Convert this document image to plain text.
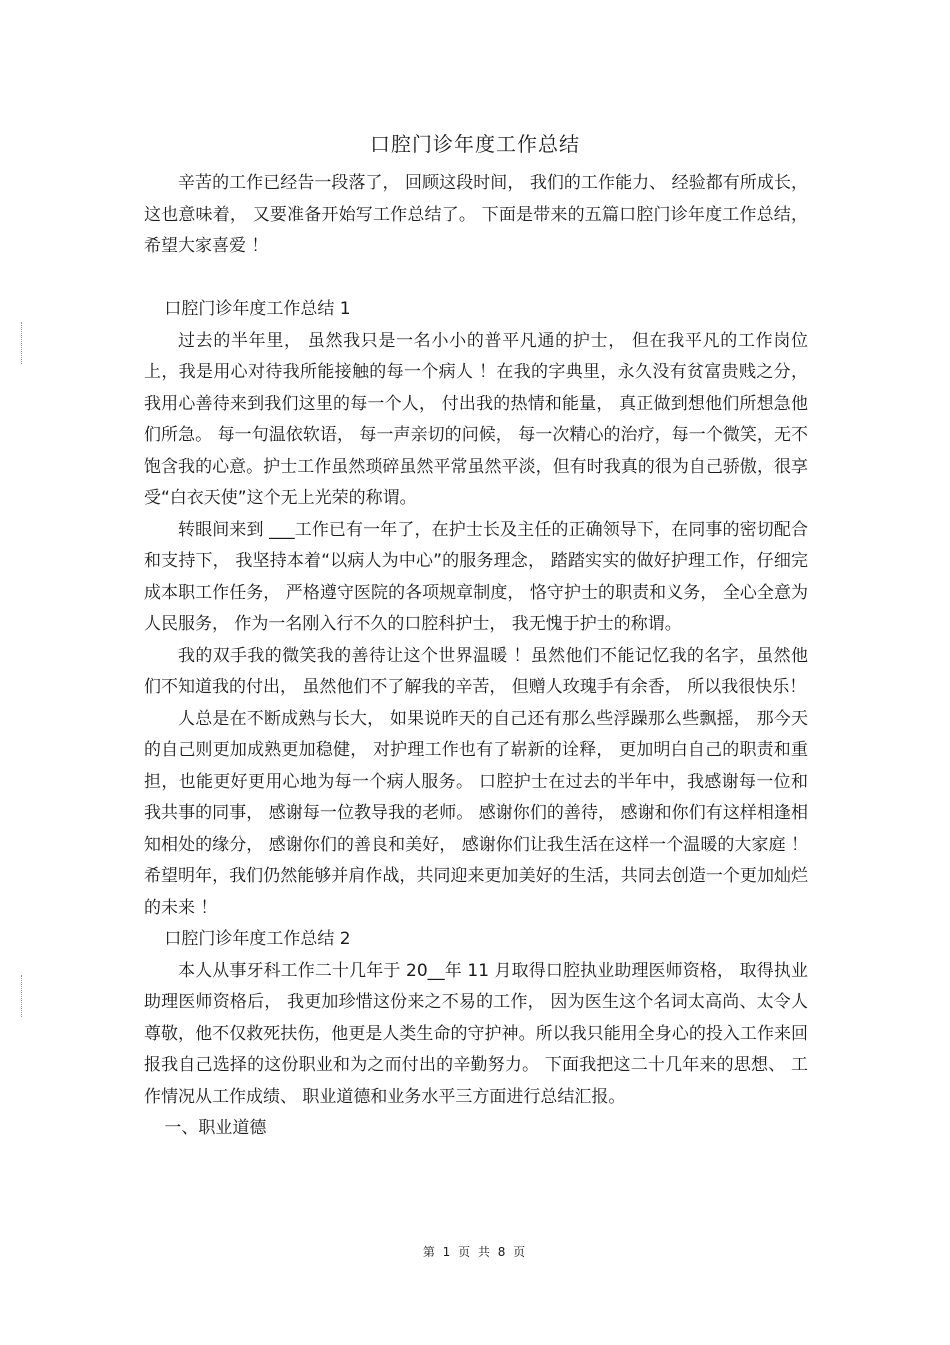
口腔门诊年度工作总结

辛苦的工作已经告一段落了， 回顾这段时间， 我们的工作能力、 经验都有所成长，这也意味着， 又要准备开始写工作总结了。 下面是带来的五篇口腔门诊年度工作总结，希望大家喜爱 ！

口腔门诊年度工作总结 1

过去的半年里， 虽然我只是一名小小的普平凡通的护士， 但在我平凡的工作岗位上，我是用心对待我所能接触的每一个病人 ！在我的字典里，永久没有贫富贵贱之分，我用心善待来到我们这里的每一个人， 付出我的热情和能量， 真正做到想他们所想急他们所急。 每一句温依软语， 每一声亲切的问候， 每一次精心的治疗，每一个微笑，无不饱含我的心意。护士工作虽然琐碎虽然平常虽然平淡，但有时我真的很为自己骄傲，很享受“白衣天使”这个无上光荣的称谓。

转眼间来到 ___工作已有一年了，在护士长及主任的正确领导下，在同事的密切配合和支持下， 我坚持本着“以病人为中心”的服务理念， 踏踏实实的做好护理工作，仔细完成本职工作任务， 严格遵守医院的各项规章制度， 恪守护士的职责和义务， 全心全意为人民服务， 作为一名刚入行不久的口腔科护士， 我无愧于护士的称谓。

我的双手我的微笑我的善待让这个世界温暖 ！虽然他们不能记忆我的名字，虽然他们不知道我的付出， 虽然他们不了解我的辛苦， 但赠人玫瑰手有余香， 所以我很快乐！

人总是在不断成熟与长大， 如果说昨天的自己还有那么些浮躁那么些飘摇， 那今天的自己则更加成熟更加稳健， 对护理工作也有了崭新的诠释， 更加明白自己的职责和重担，也能更好更用心地为每一个病人服务。 口腔护士在过去的半年中，我感谢每一位和我共事的同事， 感谢每一位教导我的老师。 感谢你们的善待， 感谢和你们有这样相逢相知相处的缘分， 感谢你们的善良和美好， 感谢你们让我生活在这样一个温暖的大家庭 ！希望明年，我们仍然能够并肩作战，共同迎来更加美好的生活，共同去创造一个更加灿烂的未来 ！

口腔门诊年度工作总结 2

本人从事牙科工作二十几年于 20__年 11 月取得口腔执业助理医师资格， 取得执业助理医师资格后， 我更加珍惜这份来之不易的工作， 因为医生这个名词太高尚、太令人尊敬，他不仅救死扶伤，他更是人类生命的守护神。所以我只能用全身心的投入工作来回报我自己选择的这份职业和为之而付出的辛勤努力。 下面我把这二十几年来的思想、 工作情况从工作成绩、 职业道德和业务水平三方面进行总结汇报。

一、职业道德

第 1 页 共 8 页
